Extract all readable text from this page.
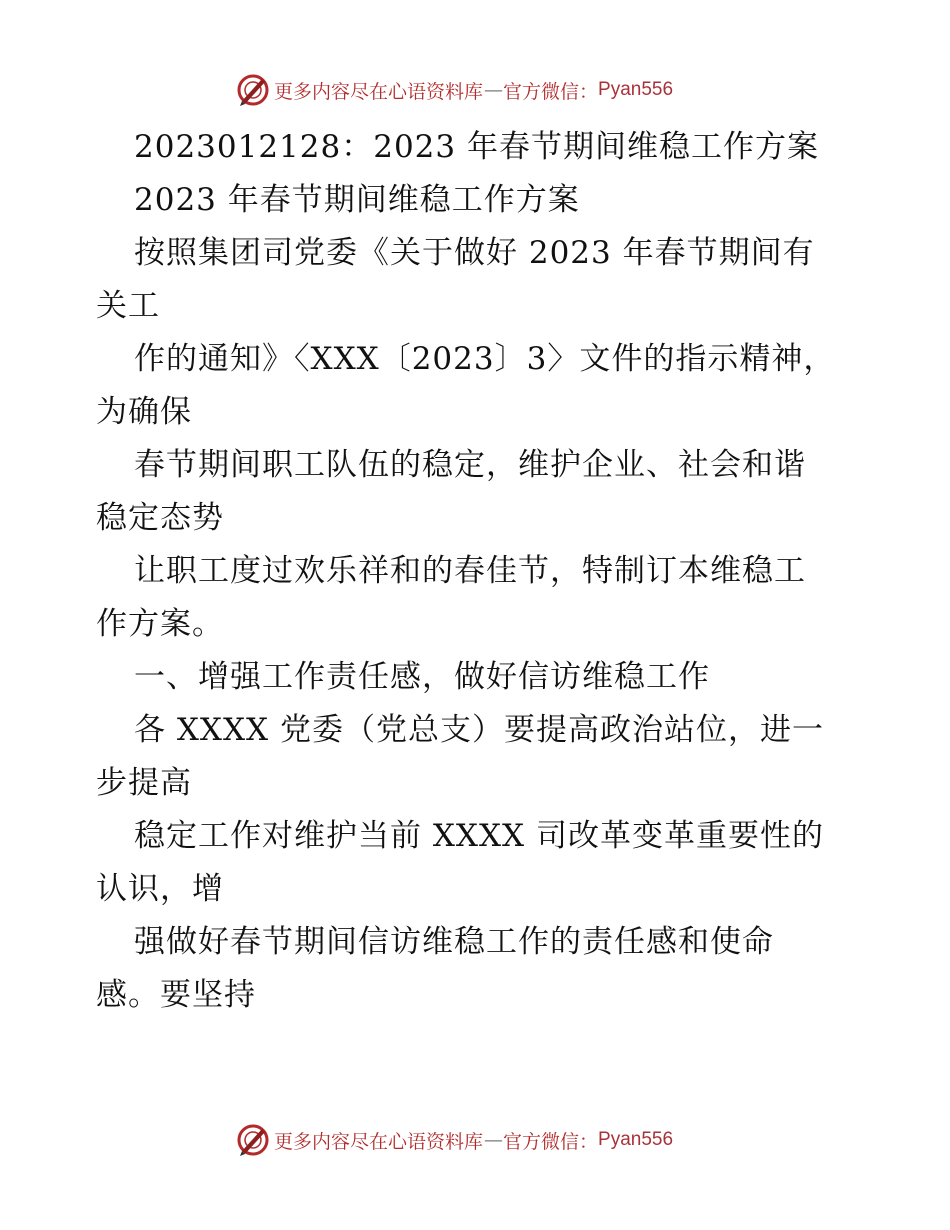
更多内容尽在心语资料库 — 官方微信： Pyan556
2023012128：2023 年春节期间维稳工作方案
2023 年春节期间维稳工作方案
按照集团司党委《关于做好 2023 年春节期间有
关工
作的通知》〈XXX〔2023〕3〉文件的指示精神，
为确保
春节期间职工队伍的稳定，维护企业、社会和谐
稳定态势
让职工度过欢乐祥和的春佳节，特制订本维稳工
作方案。
一、增强工作责任感，做好信访维稳工作
各 XXXX 党委（党总支）要提高政治站位，进一
步提高
稳定工作对维护当前 XXXX 司改革变革重要性的
认识，增
强做好春节期间信访维稳工作的责任感和使命
感。要坚持
更多内容尽在心语资料库 — 官方微信： Pyan556
